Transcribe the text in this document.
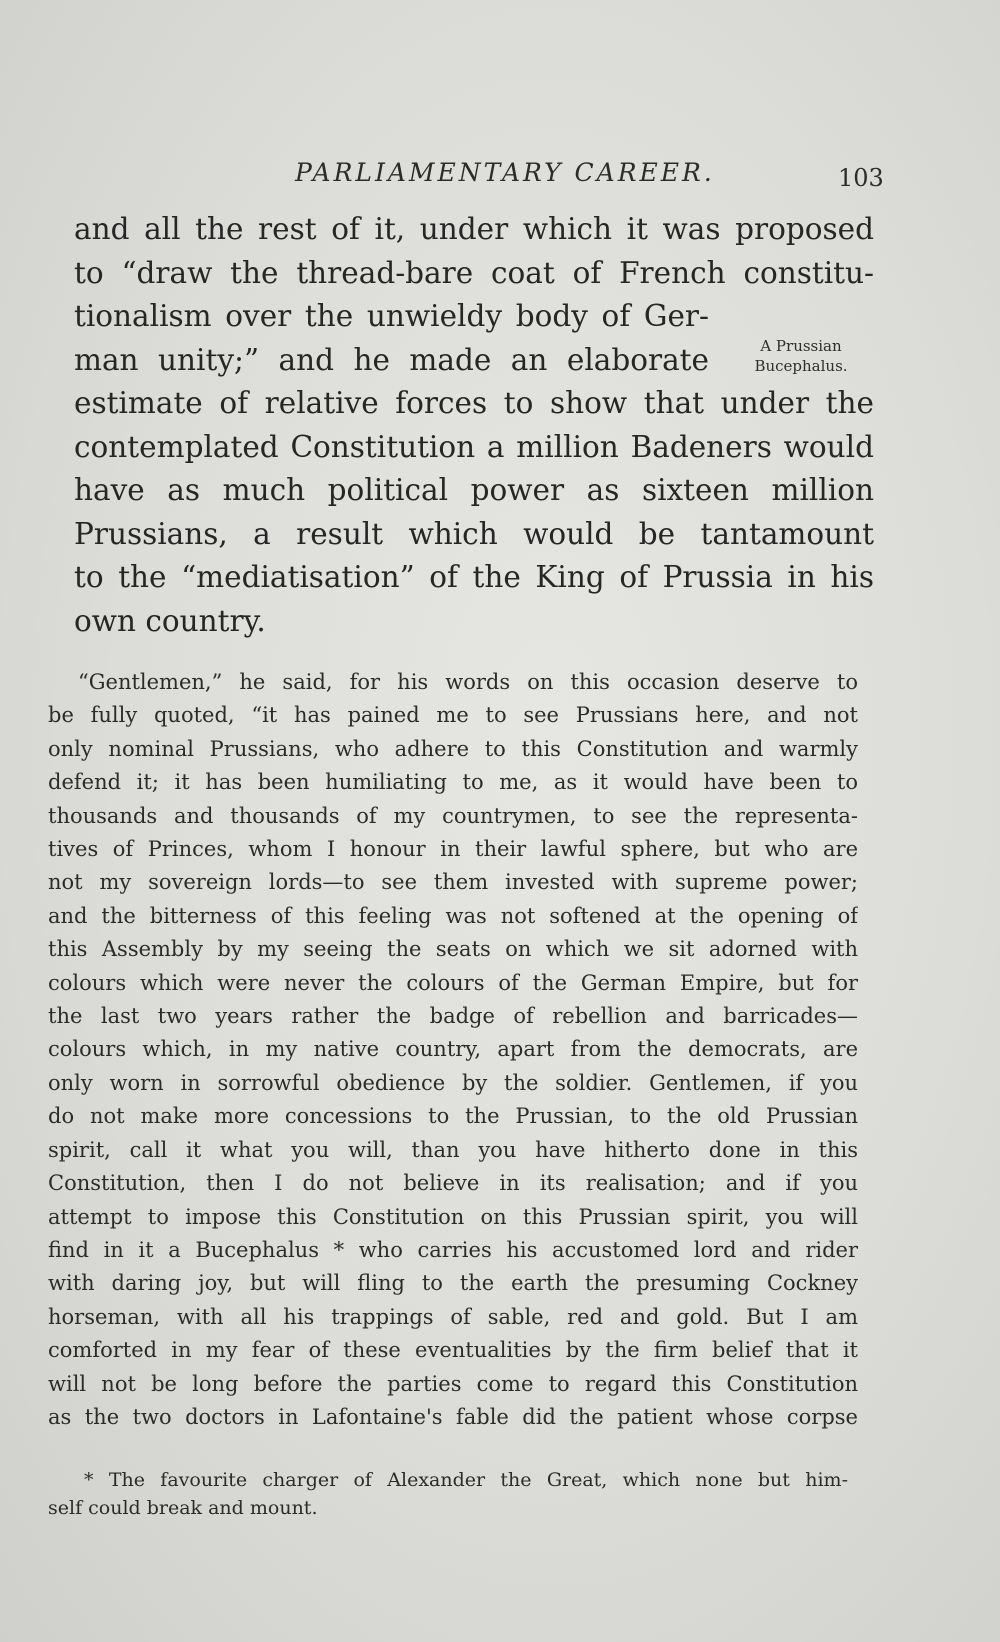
PARLIAMENTARY CAREER.	103
and all the rest of it, under which it was proposed
to “draw the thread-bare coat of French constitu-
tionalism over the unwieldy body of Ger-
man unity;” and he made an elaborate
estimate of relative forces to show that under the
contemplated Constitution a million Badeners would
have as much political power as sixteen million
Prussians, a result which would be tantamount
to the “mediatisation” of the King of Prussia in his
own country.
A Prussian
Bucephalus.
“Gentlemen,” he said, for his words on this occasion deserve to
be fully quoted, “it has pained me to see Prussians here, and not
only nominal Prussians, who adhere to this Constitution and warmly
defend it; it has been humiliating to me, as it would have been to
thousands and thousands of my countrymen, to see the representa-
tives of Princes, whom I honour in their lawful sphere, but who are
not my sovereign lords—to see them invested with supreme power;
and the bitterness of this feeling was not softened at the opening of
this Assembly by my seeing the seats on which we sit adorned with
colours which were never the colours of the German Empire, but for
the last two years rather the badge of rebellion and barricades—
colours which, in my native country, apart from the democrats, are
only worn in sorrowful obedience by the soldier. Gentlemen, if you
do not make more concessions to the Prussian, to the old Prussian
spirit, call it what you will, than you have hitherto done in this
Constitution, then I do not believe in its realisation; and if you
attempt to impose this Constitution on this Prussian spirit, you will
find in it a Bucephalus * who carries his accustomed lord and rider
with daring joy, but will fling to the earth the presuming Cockney
horseman, with all his trappings of sable, red and gold. But I am
comforted in my fear of these eventualities by the firm belief that it
will not be long before the parties come to regard this Constitution
as the two doctors in Lafontaine's fable did the patient whose corpse
* The favourite charger of Alexander the Great, which none but him-
self could break and mount.
